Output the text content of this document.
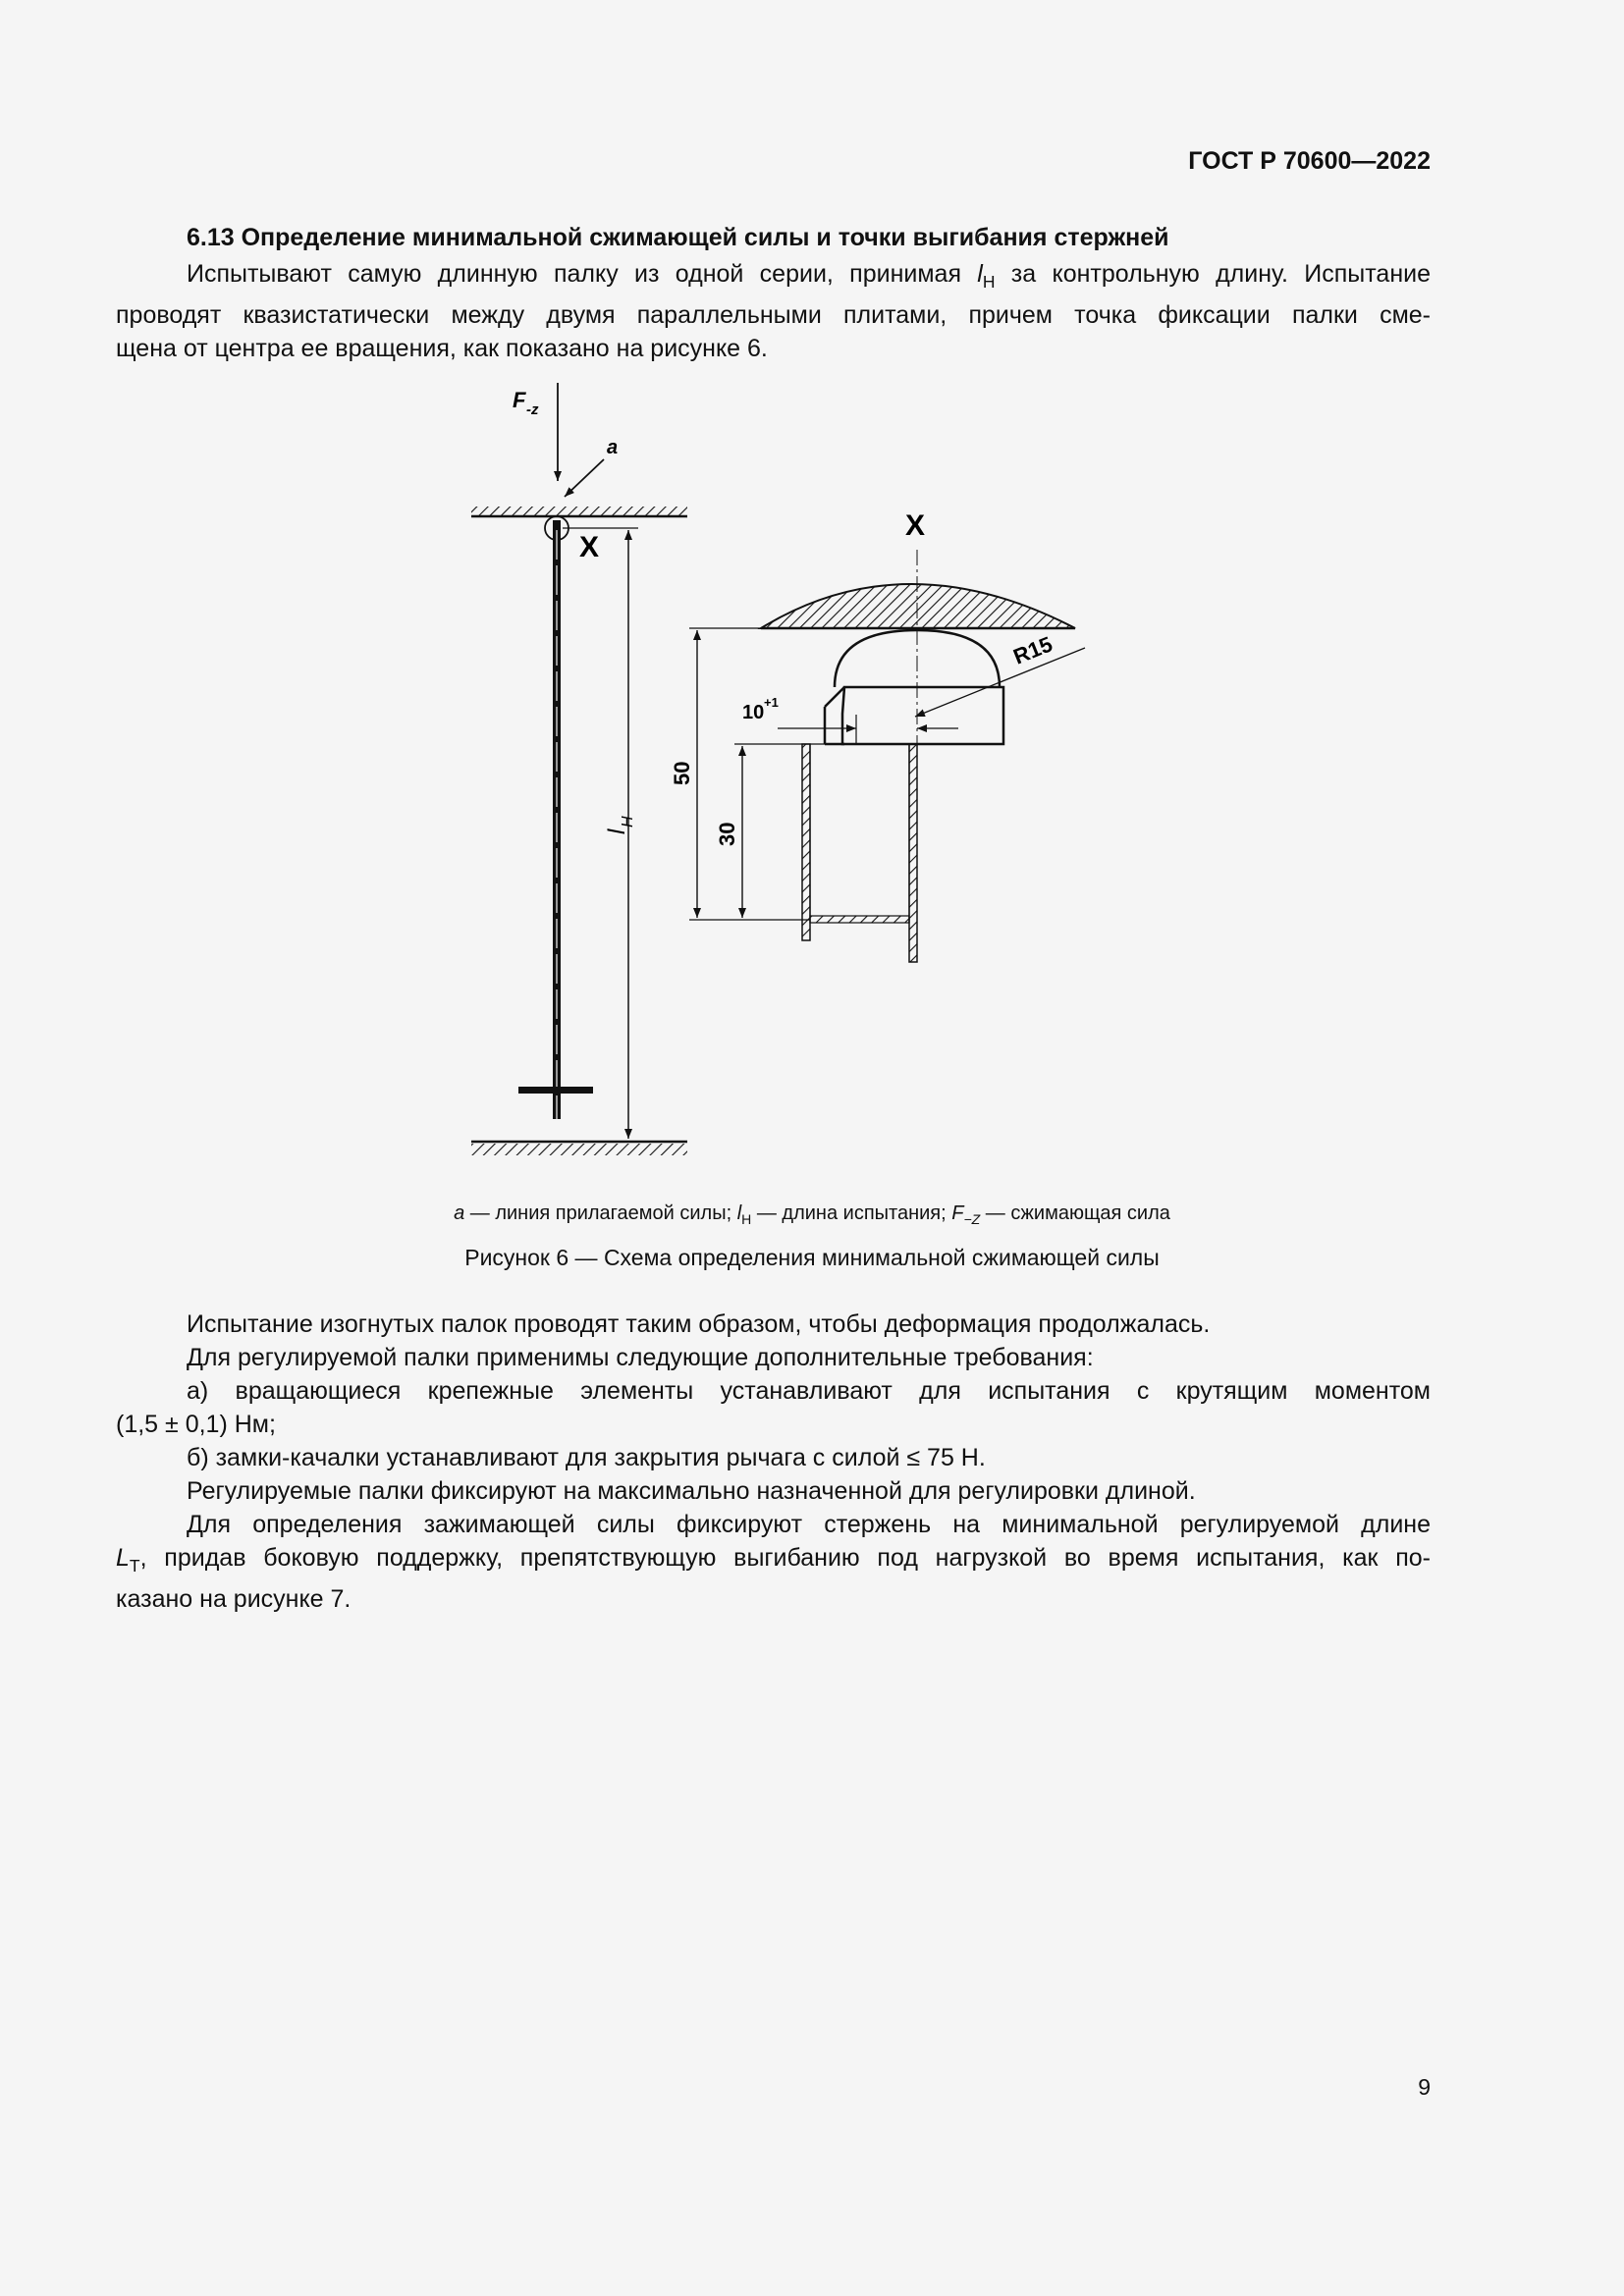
ГОСТ Р 70600—2022
6.13 Определение минимальной сжимающей силы и точки выгибания стержней
Испытывают самую длинную палку из одной серии, принимая $l_Н$ за контрольную длину. Испытание
проводят квазистатически между двумя параллельными плитами, причем точка фиксации палки сме-
щена от центра ее вращения, как показано на рисунке 6.
F -z
a
X
l
Н
X
R15
10 +1
50
30
a — линия прилагаемой силы; $l_Н$ — длина испытания; $F_{-Z}$ — сжимающая сила
Рисунок 6 — Схема определения минимальной сжимающей силы
Испытание изогнутых палок проводят таким образом, чтобы деформация продолжалась.
Для регулируемой палки применимы следующие дополнительные требования:
а) вращающиеся крепежные элементы устанавливают для испытания с крутящим моментом
(1,5 ± 0,1) Нм;
б) замки-качалки устанавливают для закрытия рычага с силой ≤ 75 Н.
Регулируемые палки фиксируют на максимально назначенной для регулировки длиной.
Для определения зажимающей силы фиксируют стержень на минимальной регулируемой длине
$L_T$, придав боковую поддержку, препятствующую выгибанию под нагрузкой во время испытания, как по-
казано на рисунке 7.
9
